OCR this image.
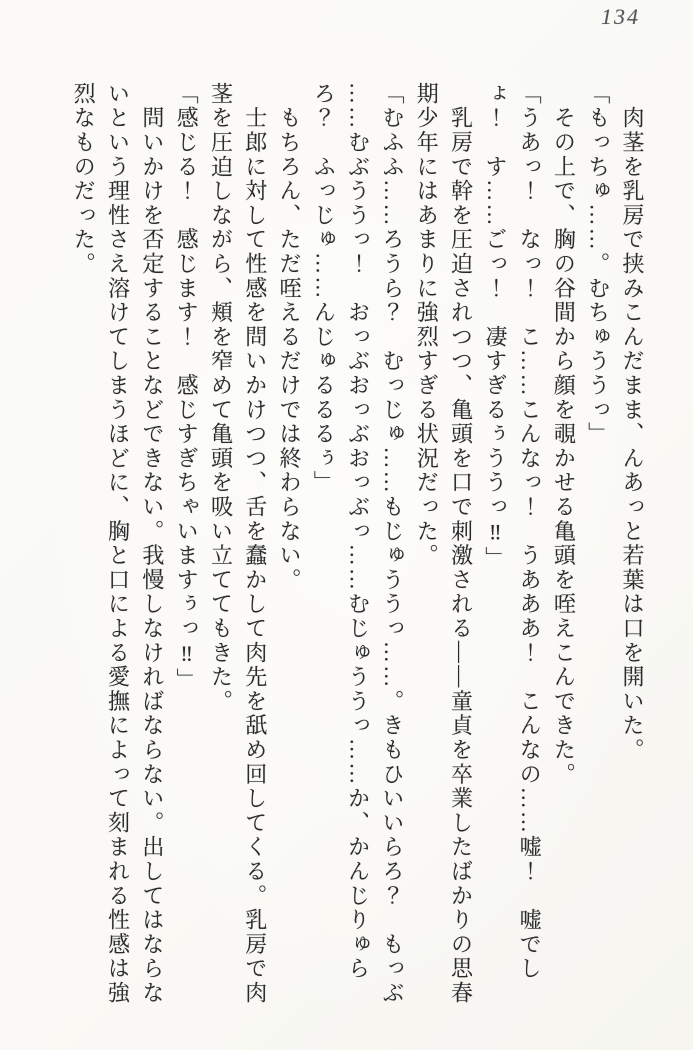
134
　肉茎を乳房で挟みこんだまま、んあっと若葉は口を開いた。
「もっちゅ……。むちゅううっ」
　その上で、胸の谷間から顔を覗かせる亀頭を咥えこんできた。
「うあっ！　なっ！　こ……こんなっ！　うあああ！　こんなの……嘘！　嘘でし
ょ！　す……ごっ！　凄すぎるぅううっ‼」
　乳房で幹を圧迫されつつ、亀頭を口で刺激される――童貞を卒業したばかりの思春
期少年にはあまりに強烈すぎる状況だった。
「むふふ……ろうら？　むっじゅ……もじゅううっ……。きもひいいらろ？　もっぶ
……むぶううっ！　おっぶおっぶおっぶっ……むじゅううっ……か、かんじりゅら
ろ？　ふっじゅ……んじゅるるるぅ」
　もちろん、ただ咥えるだけでは終わらない。
　士郎に対して性感を問いかけつつ、舌を蠢かして肉先を舐め回してくる。乳房で肉
茎を圧迫しながら、頬を窄めて亀頭を吸い立ててもきた。
「感じる！　感じます！　感じすぎちゃいますぅっ‼」
　問いかけを否定することなどできない。我慢しなければならない。出してはならな
いという理性さえ溶けてしまうほどに、胸と口による愛撫によって刻まれる性感は強
烈なものだった。
